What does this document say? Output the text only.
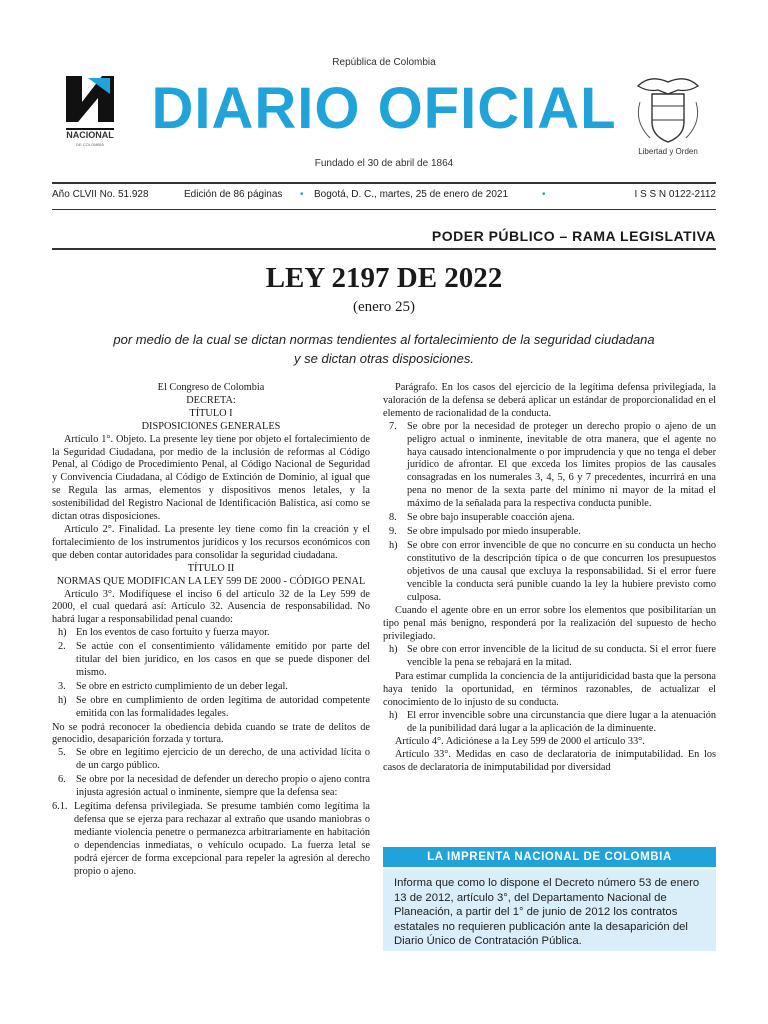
República de Colombia
NACIONAL
DE COLOMBIA
DIARIO OFICIAL
Libertad y Orden
Fundado el 30 de abril de 1864
Año CLVII No. 51.928	Edición de 86 páginas • Bogotá, D. C., martes, 25 de enero de 2021	•	I S S N 0122-2112
PODER PÚBLICO – RAMA LEGISLATIVA
LEY 2197 DE 2022
(enero 25)
por medio de la cual se dictan normas tendientes al fortalecimiento de la seguridad ciudadana
y se dictan otras disposiciones.

El Congreso de Colombia

DECRETA:

TÍTULO I

DISPOSICIONES GENERALES

Artículo 1°. Objeto. La presente ley tiene por objeto el fortalecimiento de la Seguridad Ciudadana, por medio de la inclusión de reformas al Código Penal, al Código de Procedimiento Penal, al Código Nacional de Seguridad y Convivencia Ciudadana, al Código de Extinción de Dominio, al igual que se Regula las armas, elementos y dispositivos menos letales, y la sostenibilidad del Registro Nacional de Identificación Balística, así como se dictan otras disposiciones.

Artículo 2°. Finalidad. La presente ley tiene como fin la creación y el fortalecimiento de los instrumentos jurídicos y los recursos económicos con que deben contar autoridades para consolidar la seguridad ciudadana.

TÍTULO II

NORMAS QUE MODIFICAN LA LEY 599 DE 2000 - CÓDIGO PENAL

Artículo 3°. Modifíquese el inciso 6 del artículo 32 de la Ley 599 de 2000, el cual quedará así: Artículo 32. Ausencia de responsabilidad. No habrá lugar a responsabilidad penal cuando:

h) En los eventos de caso fortuito y fuerza mayor.
2. Se actúe con el consentimiento válidamente emitido por parte del titular del bien jurídico, en los casos en que se puede disponer del mismo.
3. Se obre en estricto cumplimiento de un deber legal.
h) Se obre en cumplimiento de orden legítima de autoridad competente emitida con las formalidades legales.

No se podrá reconocer la obediencia debida cuando se trate de delitos de genocidio, desaparición forzada y tortura.

5. Se obre en legítimo ejercicio de un derecho, de una actividad lícita o de un cargo público.
6. Se obre por la necesidad de defender un derecho propio o ajeno contra injusta agresión actual o inminente, siempre que la defensa sea:
6.1. Legítima defensa privilegiada. Se presume también como legítima la defensa que se ejerza para rechazar al extraño que usando maniobras o mediante violencia penetre o permanezca arbitrariamente en habitación o dependencias inmediatas, o vehículo ocupado. La fuerza letal se podrá ejercer de forma excepcional para repeler la agresión al derecho propio o ajeno.

Parágrafo. En los casos del ejercicio de la legítima defensa privilegiada, la valoración de la defensa se deberá aplicar un estándar de proporcionalidad en el elemento de racionalidad de la conducta.

7. Se obre por la necesidad de proteger un derecho propio o ajeno de un peligro actual o inminente, inevitable de otra manera, que el agente no haya causado intencionalmente o por imprudencia y que no tenga el deber jurídico de afrontar. El que exceda los límites propios de las causales consagradas en los numerales 3, 4, 5, 6 y 7 precedentes, incurrirá en una pena no menor de la sexta parte del mínimo ni mayor de la mitad el máximo de la señalada para la respectiva conducta punible.
8. Se obre bajo insuperable coacción ajena.
9. Se obre impulsado por miedo insuperable.
h) Se obre con error invencible de que no concurre en su conducta un hecho constitutivo de la descripción típica o de que concurren los presupuestos objetivos de una causal que excluya la responsabilidad. Si el error fuere vencible la conducta será punible cuando la ley la hubiere previsto como culposa.

Cuando el agente obre en un error sobre los elementos que posibilitarían un tipo penal más benigno, responderá por la realización del supuesto de hecho privilegiado.

h) Se obre con error invencible de la licitud de su conducta. Si el error fuere vencible la pena se rebajará en la mitad.

Para estimar cumplida la conciencia de la antijuridicidad basta que la persona haya tenido la oportunidad, en términos razonables, de actualizar el conocimiento de lo injusto de su conducta.

h) El error invencible sobre una circunstancia que diere lugar a la atenuación de la punibilidad dará lugar a la aplicación de la diminuente.

Artículo 4°. Adiciónese a la Ley 599 de 2000 el artículo 33°.

Artículo 33°. Medidas en caso de declaratoria de inimputabilidad. En los casos de declaratoria de inimputabilidad por diversidad

LA IMPRENTA NACIONAL DE COLOMBIA
Informa que como lo dispone el Decreto número 53 de enero 13 de 2012, artículo 3°, del Departamento Nacional de Planeación, a partir del 1° de junio de 2012 los contratos estatales no requieren publicación ante la desaparición del Diario Único de Contratación Pública.
